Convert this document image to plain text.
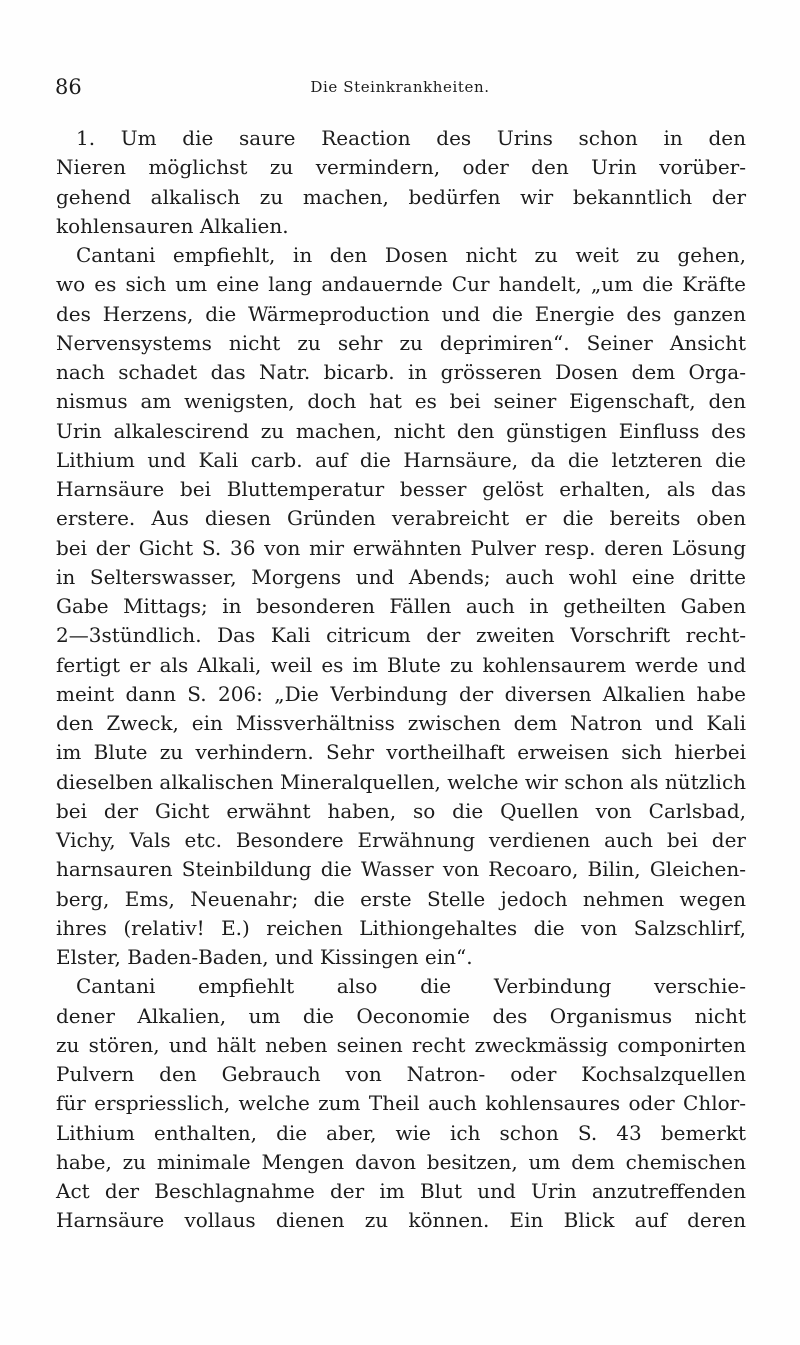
86	Die Steinkrankheiten.
1. Um die saure Reaction des Urins schon in den
Nieren möglichst zu vermindern, oder den Urin vorüber-
gehend alkalisch zu machen, bedürfen wir bekanntlich der
kohlensauren Alkalien.
Cantani empfiehlt, in den Dosen nicht zu weit zu gehen,
wo es sich um eine lang andauernde Cur handelt, „um die Kräfte
des Herzens, die Wärmeproduction und die Energie des ganzen
Nervensystems nicht zu sehr zu deprimiren“. Seiner Ansicht
nach schadet das Natr. bicarb. in grösseren Dosen dem Orga-
nismus am wenigsten, doch hat es bei seiner Eigenschaft, den
Urin alkalescirend zu machen, nicht den günstigen Einfluss des
Lithium und Kali carb. auf die Harnsäure, da die letzteren die
Harnsäure bei Bluttemperatur besser gelöst erhalten, als das
erstere. Aus diesen Gründen verabreicht er die bereits oben
bei der Gicht S. 36 von mir erwähnten Pulver resp. deren Lösung
in Selterswasser, Morgens und Abends; auch wohl eine dritte
Gabe Mittags; in besonderen Fällen auch in getheilten Gaben
2—3stündlich. Das Kali citricum der zweiten Vorschrift recht-
fertigt er als Alkali, weil es im Blute zu kohlensaurem werde und
meint dann S. 206: „Die Verbindung der diversen Alkalien habe
den Zweck, ein Missverhältniss zwischen dem Natron und Kali
im Blute zu verhindern. Sehr vortheilhaft erweisen sich hierbei
dieselben alkalischen Mineralquellen, welche wir schon als nützlich
bei der Gicht erwähnt haben, so die Quellen von Carlsbad,
Vichy, Vals etc. Besondere Erwähnung verdienen auch bei der
harnsauren Steinbildung die Wasser von Recoaro, Bilin, Gleichen-
berg, Ems, Neuenahr; die erste Stelle jedoch nehmen wegen
ihres (relativ! E.) reichen Lithiongehaltes die von Salzschlirf,
Elster, Baden-Baden, und Kissingen ein“.
Cantani empfiehlt also die Verbindung verschie-
dener Alkalien, um die Oeconomie des Organismus nicht
zu stören, und hält neben seinen recht zweckmässig componirten
Pulvern den Gebrauch von Natron- oder Kochsalzquellen
für erspriesslich, welche zum Theil auch kohlensaures oder Chlor-
Lithium enthalten, die aber, wie ich schon S. 43 bemerkt
habe, zu minimale Mengen davon besitzen, um dem chemischen
Act der Beschlagnahme der im Blut und Urin anzutreffenden
Harnsäure vollaus dienen zu können. Ein Blick auf deren
